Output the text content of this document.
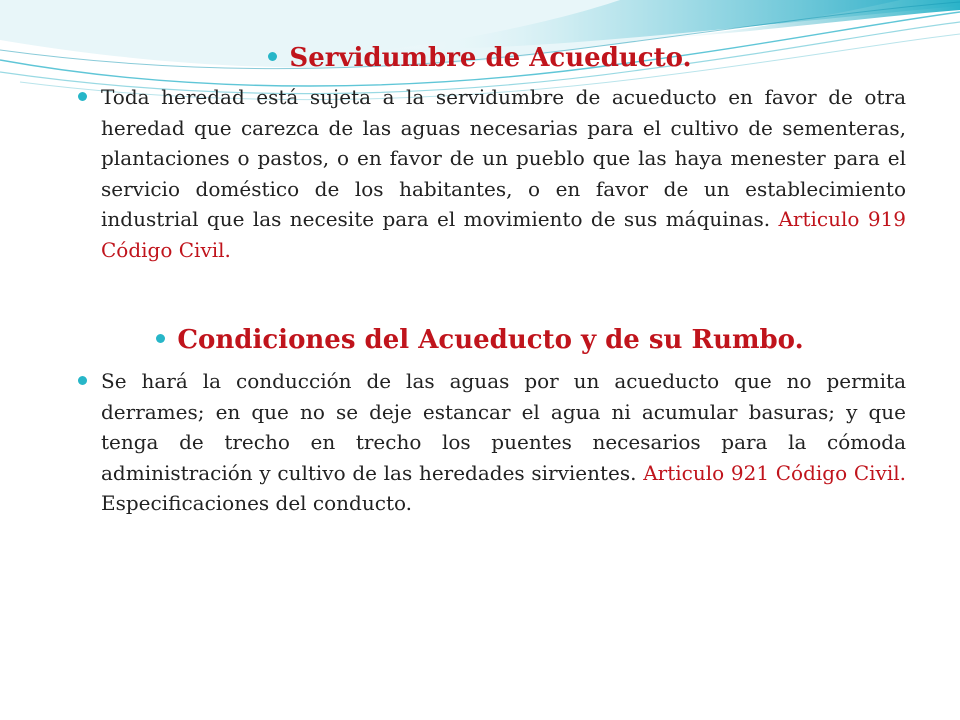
Servidumbre de Acueducto.
Toda heredad está sujeta a la servidumbre de acueducto en favor de otra heredad que carezca de las aguas necesarias para el cultivo de sementeras, plantaciones o pastos, o en favor de un pueblo que las haya menester para el servicio doméstico de los habitantes, o en favor de un establecimiento industrial que las necesite para el movimiento de sus máquinas. Articulo 919 Código Civil.
Condiciones del Acueducto y de su Rumbo.
Se hará la conducción de las aguas por un acueducto que no permita derrames; en que no se deje estancar el agua ni acumular basuras; y que tenga de trecho en trecho los puentes necesarios para la cómoda administración y cultivo de las heredades sirvientes. Articulo 921 Código Civil. Especificaciones del conducto.
